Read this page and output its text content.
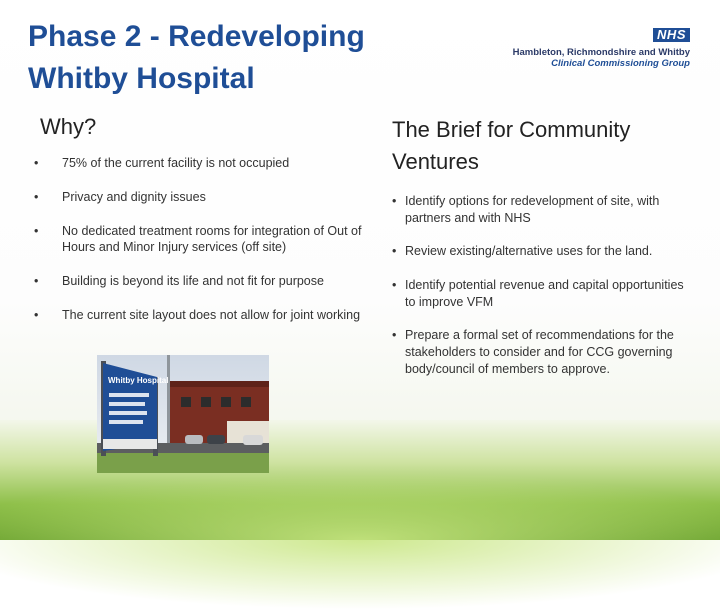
Phase 2 - Redeveloping
Whitby Hospital
NHS
Hambleton, Richmondshire and Whitby
Clinical Commissioning Group
Why?
• 75% of the current facility is not occupied
• Privacy and dignity issues
• No dedicated treatment rooms for integration of Out of Hours and Minor Injury services (off site)
• Building is beyond its life and not fit for purpose
• The current site layout does not allow for joint working
The Brief for Community Ventures
• Identify options for redevelopment of site, with partners and with NHS
• Review existing/alternative uses for the land.
• Identify potential revenue and capital opportunities to improve VFM
• Prepare a formal set of recommendations for the stakeholders to consider and for CCG governing body/council of members to approve.
Whitby Hospital
